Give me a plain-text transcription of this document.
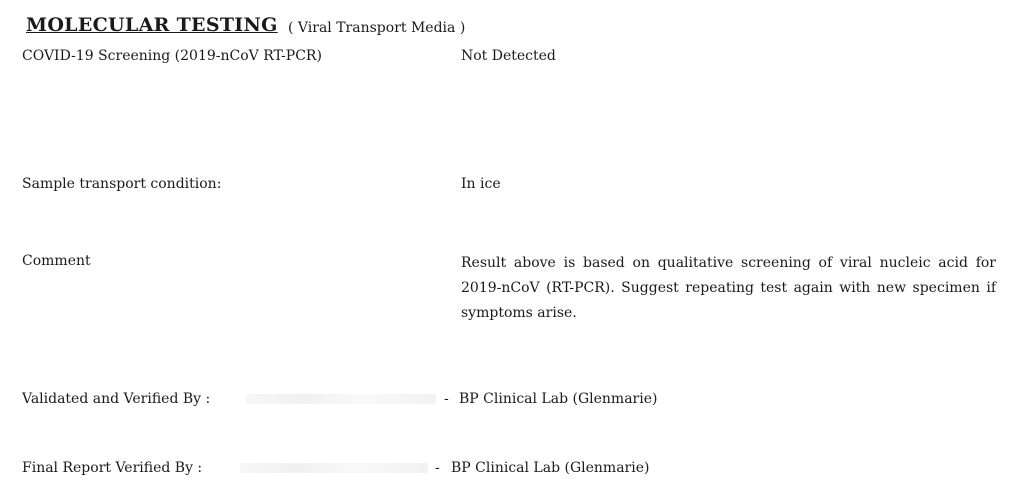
MOLECULAR TESTING ( Viral Transport Media )
COVID-19 Screening (2019-nCoV RT-PCR)	Not Detected
Sample transport condition:	In ice
Comment	Result above is based on qualitative screening of viral nucleic acid for 2019-nCoV (RT-PCR). Suggest repeating test again with new specimen if symptoms arise.
Validated and Verified By :	- BP Clinical Lab (Glenmarie)
Final Report Verified By :	- BP Clinical Lab (Glenmarie)
